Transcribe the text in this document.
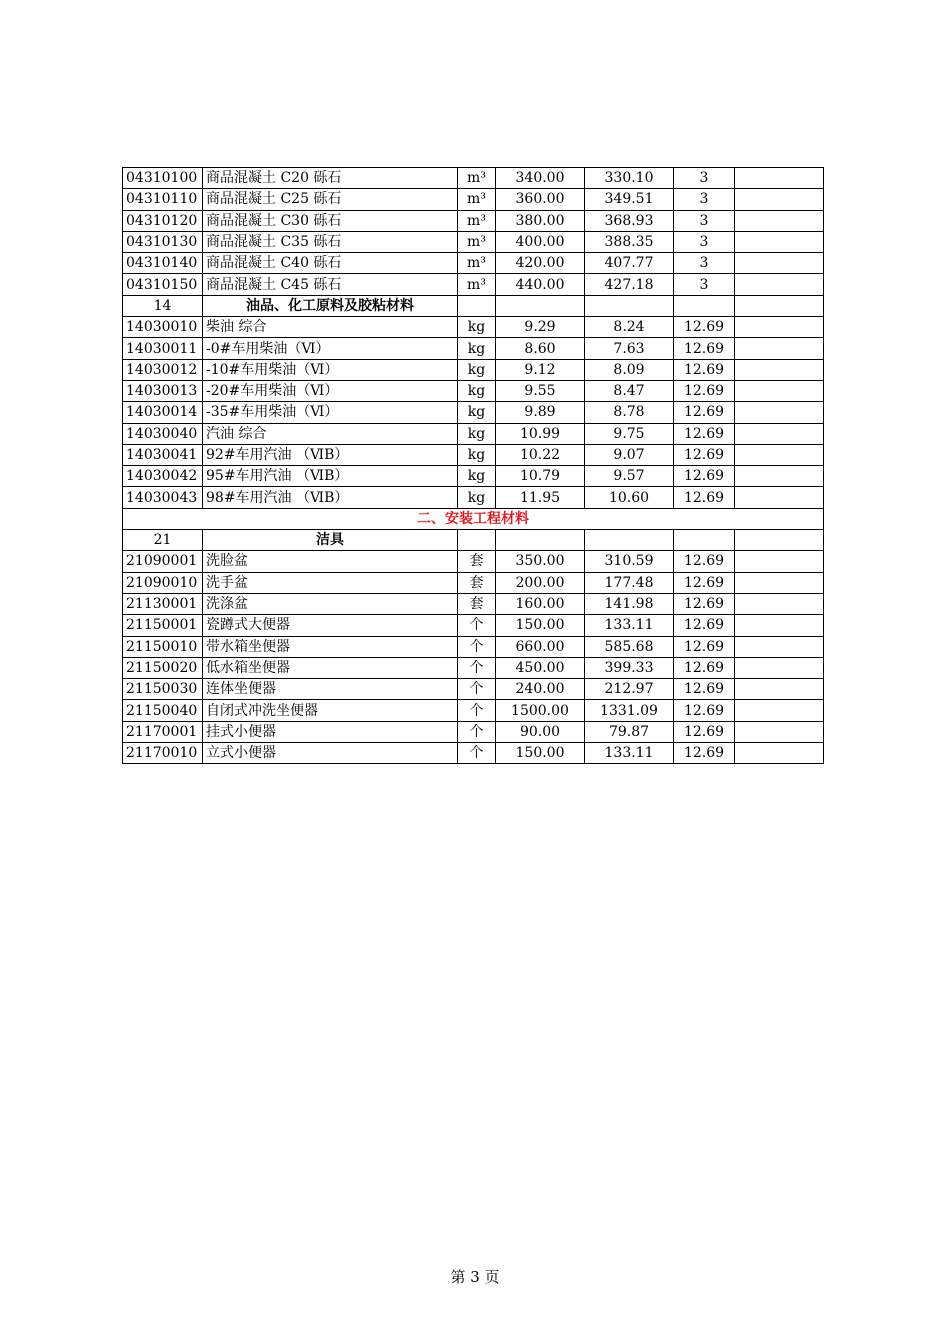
04310100	商品混凝土 C20 砾石	m³	340.00	330.10	3	
04310110	商品混凝土 C25 砾石	m³	360.00	349.51	3	
04310120	商品混凝土 C30 砾石	m³	380.00	368.93	3	
04310130	商品混凝土 C35 砾石	m³	400.00	388.35	3	
04310140	商品混凝土 C40 砾石	m³	420.00	407.77	3	
04310150	商品混凝土 C45 砾石	m³	440.00	427.18	3	
14	油品、化工原料及胶粘材料					
14030010	柴油 综合	kg	9.29	8.24	12.69	
14030011	-0#车用柴油（Ⅵ）	kg	8.60	7.63	12.69	
14030012	-10#车用柴油（Ⅵ）	kg	9.12	8.09	12.69	
14030013	-20#车用柴油（Ⅵ）	kg	9.55	8.47	12.69	
14030014	-35#车用柴油（Ⅵ）	kg	9.89	8.78	12.69	
14030040	汽油 综合	kg	10.99	9.75	12.69	
14030041	92#车用汽油 （ⅥB）	kg	10.22	9.07	12.69	
14030042	95#车用汽油 （ⅥB）	kg	10.79	9.57	12.69	
14030043	98#车用汽油 （ⅥB）	kg	11.95	10.60	12.69	
二、安装工程材料						
21	洁具					
21090001	洗脸盆	套	350.00	310.59	12.69	
21090010	洗手盆	套	200.00	177.48	12.69	
21130001	洗涤盆	套	160.00	141.98	12.69	
21150001	瓷蹲式大便器	个	150.00	133.11	12.69	
21150010	带水箱坐便器	个	660.00	585.68	12.69	
21150020	低水箱坐便器	个	450.00	399.33	12.69	
21150030	连体坐便器	个	240.00	212.97	12.69	
21150040	自闭式冲洗坐便器	个	1500.00	1331.09	12.69	
21170001	挂式小便器	个	90.00	79.87	12.69	
21170010	立式小便器	个	150.00	133.11	12.69	
第 3 页
